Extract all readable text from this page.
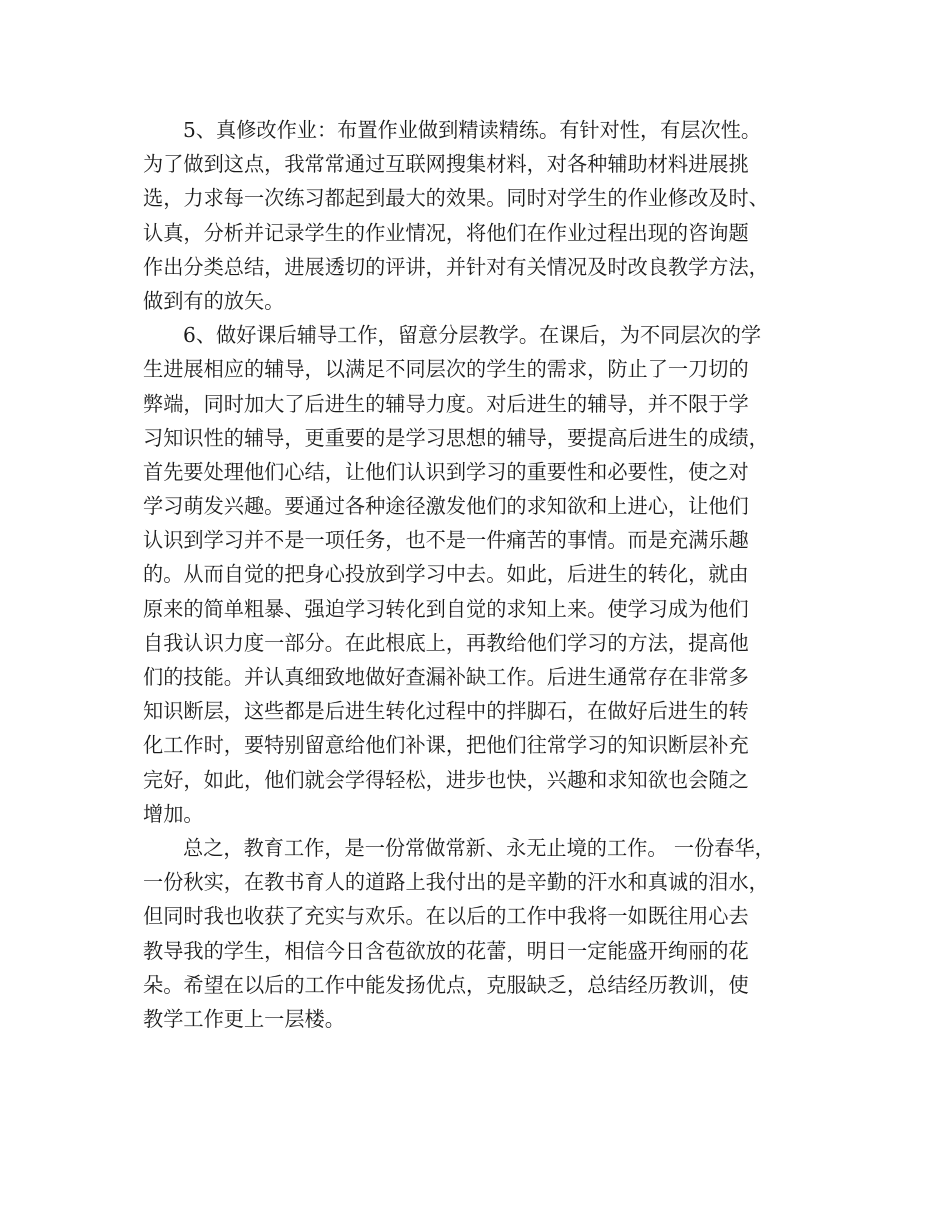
5、真修改作业：布置作业做到精读精练。有针对性，有层次性。
为了做到这点，我常常通过互联网搜集材料，对各种辅助材料进展挑
选，力求每一次练习都起到最大的效果。同时对学生的作业修改及时、
认真，分析并记录学生的作业情况，将他们在作业过程出现的咨询题
作出分类总结，进展透切的评讲，并针对有关情况及时改良教学方法，
做到有的放矢。
6、做好课后辅导工作，留意分层教学。在课后，为不同层次的学
生进展相应的辅导，以满足不同层次的学生的需求，防止了一刀切的
弊端，同时加大了后进生的辅导力度。对后进生的辅导，并不限于学
习知识性的辅导，更重要的是学习思想的辅导，要提高后进生的成绩，
首先要处理他们心结，让他们认识到学习的重要性和必要性，使之对
学习萌发兴趣。要通过各种途径激发他们的求知欲和上进心，让他们
认识到学习并不是一项任务，也不是一件痛苦的事情。而是充满乐趣
的。从而自觉的把身心投放到学习中去。如此，后进生的转化，就由
原来的简单粗暴、强迫学习转化到自觉的求知上来。使学习成为他们
自我认识力度一部分。在此根底上，再教给他们学习的方法，提高他
们的技能。并认真细致地做好查漏补缺工作。后进生通常存在非常多
知识断层，这些都是后进生转化过程中的拌脚石，在做好后进生的转
化工作时，要特别留意给他们补课，把他们往常学习的知识断层补充
完好，如此，他们就会学得轻松，进步也快，兴趣和求知欲也会随之
增加。
总之，教育工作，是一份常做常新、永无止境的工作。 一份春华，
一份秋实，在教书育人的道路上我付出的是辛勤的汗水和真诚的泪水，
但同时我也收获了充实与欢乐。在以后的工作中我将一如既往用心去
教导我的学生，相信今日含苞欲放的花蕾，明日一定能盛开绚丽的花
朵。希望在以后的工作中能发扬优点，克服缺乏，总结经历教训，使
教学工作更上一层楼。
